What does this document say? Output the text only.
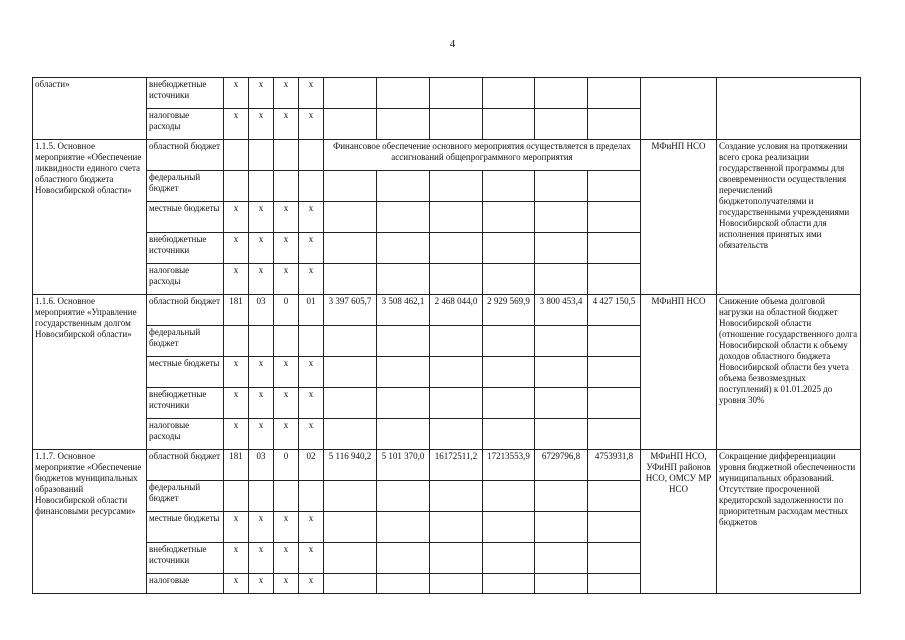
4
области»	внебюджетные источники	х	х	х	х								
	налоговые расходы	х	х	х	х								
1.1.5. Основное мероприятие «Обеспечение ликвидности единого счета областного бюджета Новосибирской области»	областной бюджет					Финансовое обеспечение основного мероприятия осуществляется в пределах ассигнований общепрограммного мероприятия						МФиНП НСО	Создание условия на протяжении всего срока реализации государственной программы для своевременности осуществления перечислений бюджетополучателями и государственными учреждениями Новосибирской области для исполнения принятых ими обязательств
	федеральный бюджет												
	местные бюджеты	х	х	х	х								
	внебюджетные источники	х	х	х	х								
	налоговые расходы	х	х	х	х								
1.1.6. Основное мероприятие «Управление государственным долгом Новосибирской области»	областной бюджет	181	03	0	01	3 397 605,7	3 508 462,1	2 468 044,0	2 929 569,9	3 800 453,4	4 427 150,5	МФиНП НСО	Снижение объема долговой нагрузки на областной бюджет Новосибирской области (отношение государственного долга Новосибирской области к объему доходов областного бюджета Новосибирской области без учета объема безвозмездных поступлений) к 01.01.2025 до уровня 30%
	федеральный бюджет												
	местные бюджеты	х	х	х	х								
	внебюджетные источники	х	х	х	х								
	налоговые расходы	х	х	х	х								
1.1.7. Основное мероприятие «Обеспечение бюджетов муниципальных образований Новосибирской области финансовыми ресурсами»	областной бюджет	181	03	0	02	5 116 940,2	5 101 370,0	16172511,2	17213553,9	6729796,8	4753931,8	МФиНП НСО, УФиНП районов НСО, ОМСУ МР НСО	Сокращение дифференциации уровня бюджетной обеспеченности муниципальных образований. Отсутствие просроченной кредиторской задолженности по приоритетным расходам местных бюджетов
	федеральный бюджет												
	местные бюджеты	х	х	х	х								
	внебюджетные источники	х	х	х	х								
	налоговые	х	х	х	х								
